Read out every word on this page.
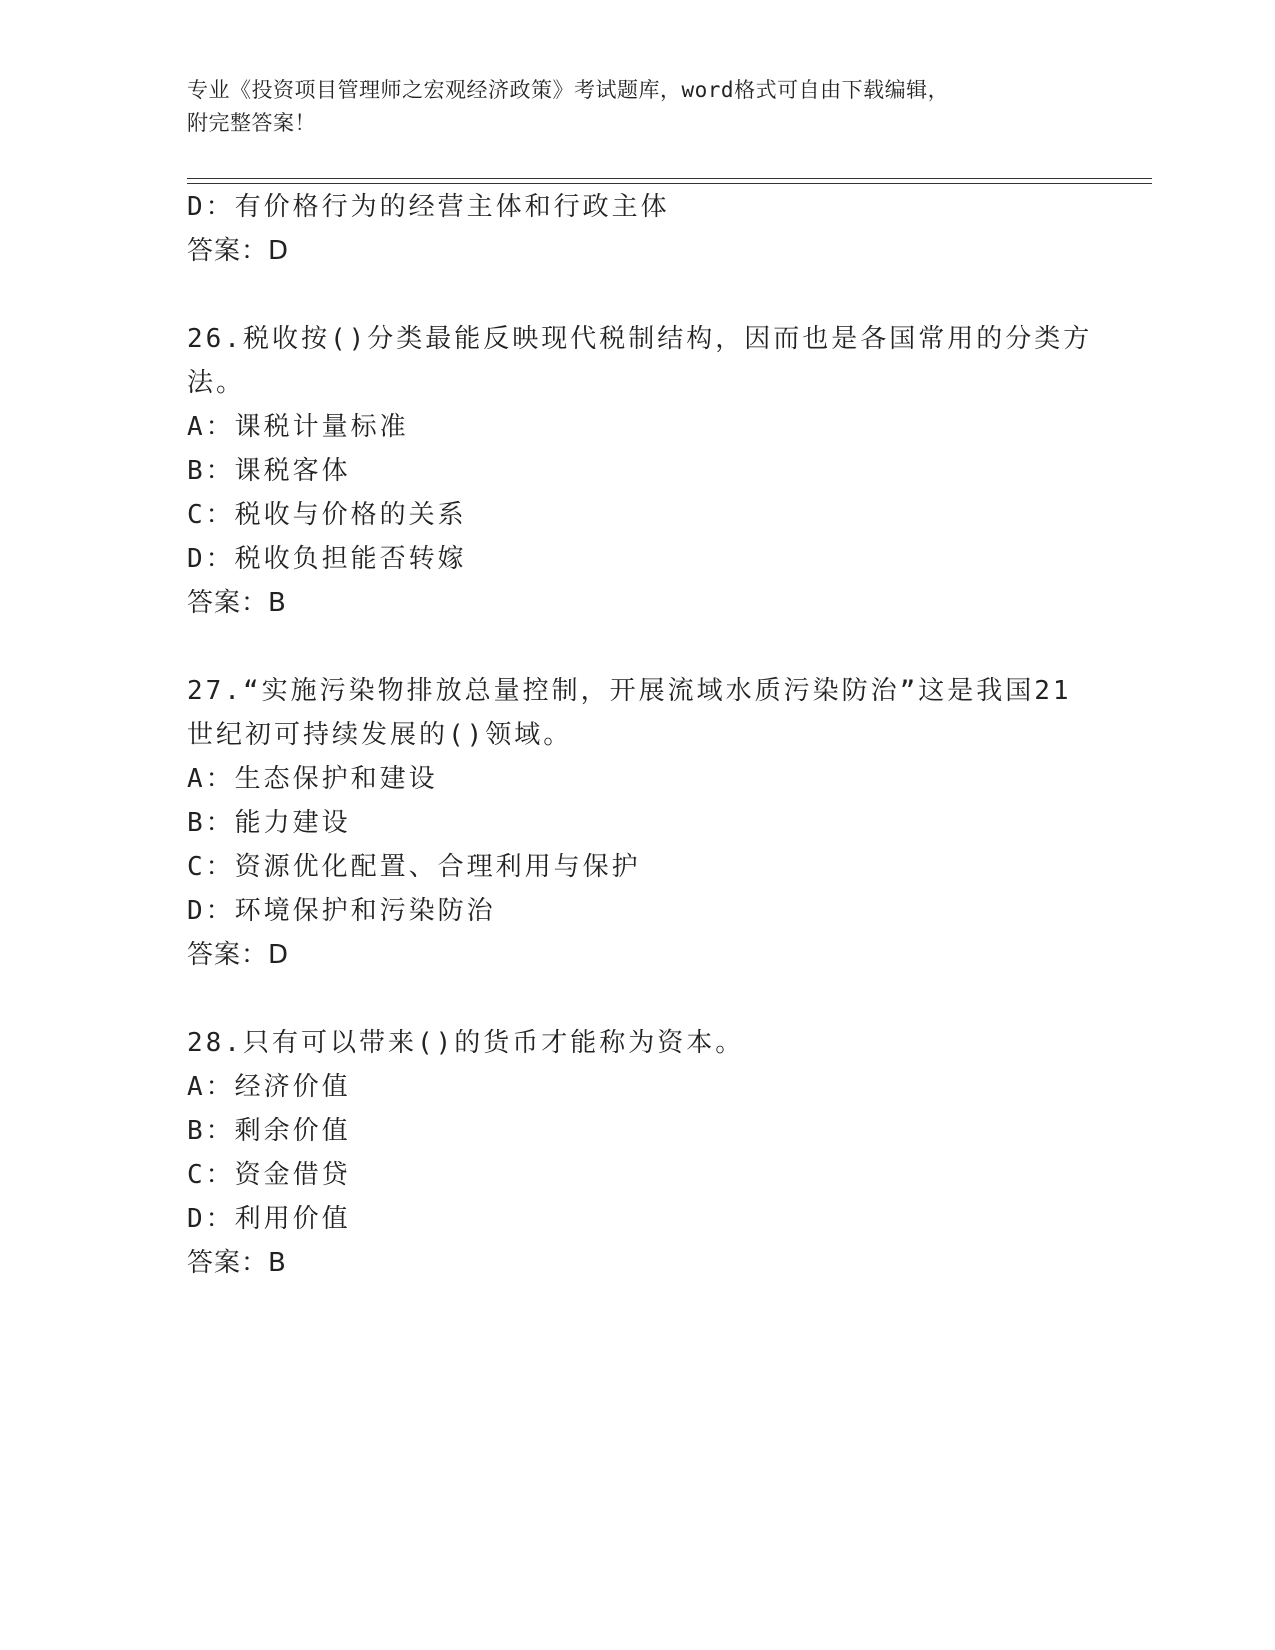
专业《投资项目管理师之宏观经济政策》考试题库，word格式可自由下载编辑，
附完整答案！
D：有价格行为的经营主体和行政主体
答案：D
26.税收按()分类最能反映现代税制结构，因而也是各国常用的分类方
法。
A：课税计量标准
B：课税客体
C：税收与价格的关系
D：税收负担能否转嫁
答案：B
27.“实施污染物排放总量控制，开展流域水质污染防治”这是我国21
世纪初可持续发展的()领域。
A：生态保护和建设
B：能力建设
C：资源优化配置、合理利用与保护
D：环境保护和污染防治
答案：D
28.只有可以带来()的货币才能称为资本。
A：经济价值
B：剩余价值
C：资金借贷
D：利用价值
答案：B
